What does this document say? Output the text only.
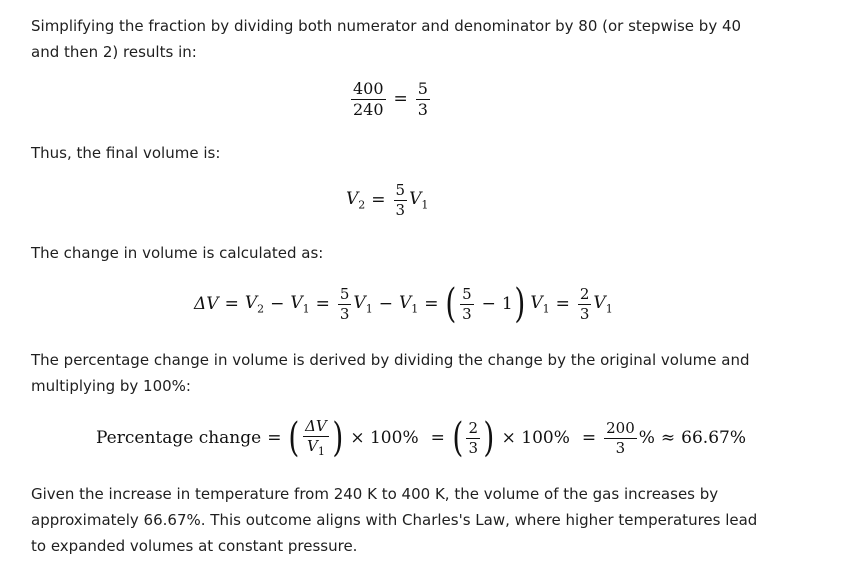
Simplifying the fraction by dividing both numerator and denominator by 80 (or stepwise by 40 and then 2) results in:
$\frac{400}{240} = \frac{5}{3}$
Thus, the final volume is:
$V_2 = \frac{5}{3} V_1$
The change in volume is calculated as:
$\Delta V = V_2 - V_1 = \frac{5}{3} V_1 - V_1$ = ( $\frac{5}{3} - 1$ ) $V_1 = \frac{2}{3} V_1$
The percentage change in volume is derived by dividing the change by the original volume and multiplying by 100%:
Percentage change = ( $\frac{\Delta V}{V_1}$ ) × 100% = ( $\frac{2}{3}$ ) × $100\% = \frac{200}{3}$ % ≈ 66.67%
Given the increase in temperature from 240 K to 400 K, the volume of the gas increases by approximately 66.67%. This outcome aligns with Charles's Law, where higher temperatures lead to expanded volumes at constant pressure.
